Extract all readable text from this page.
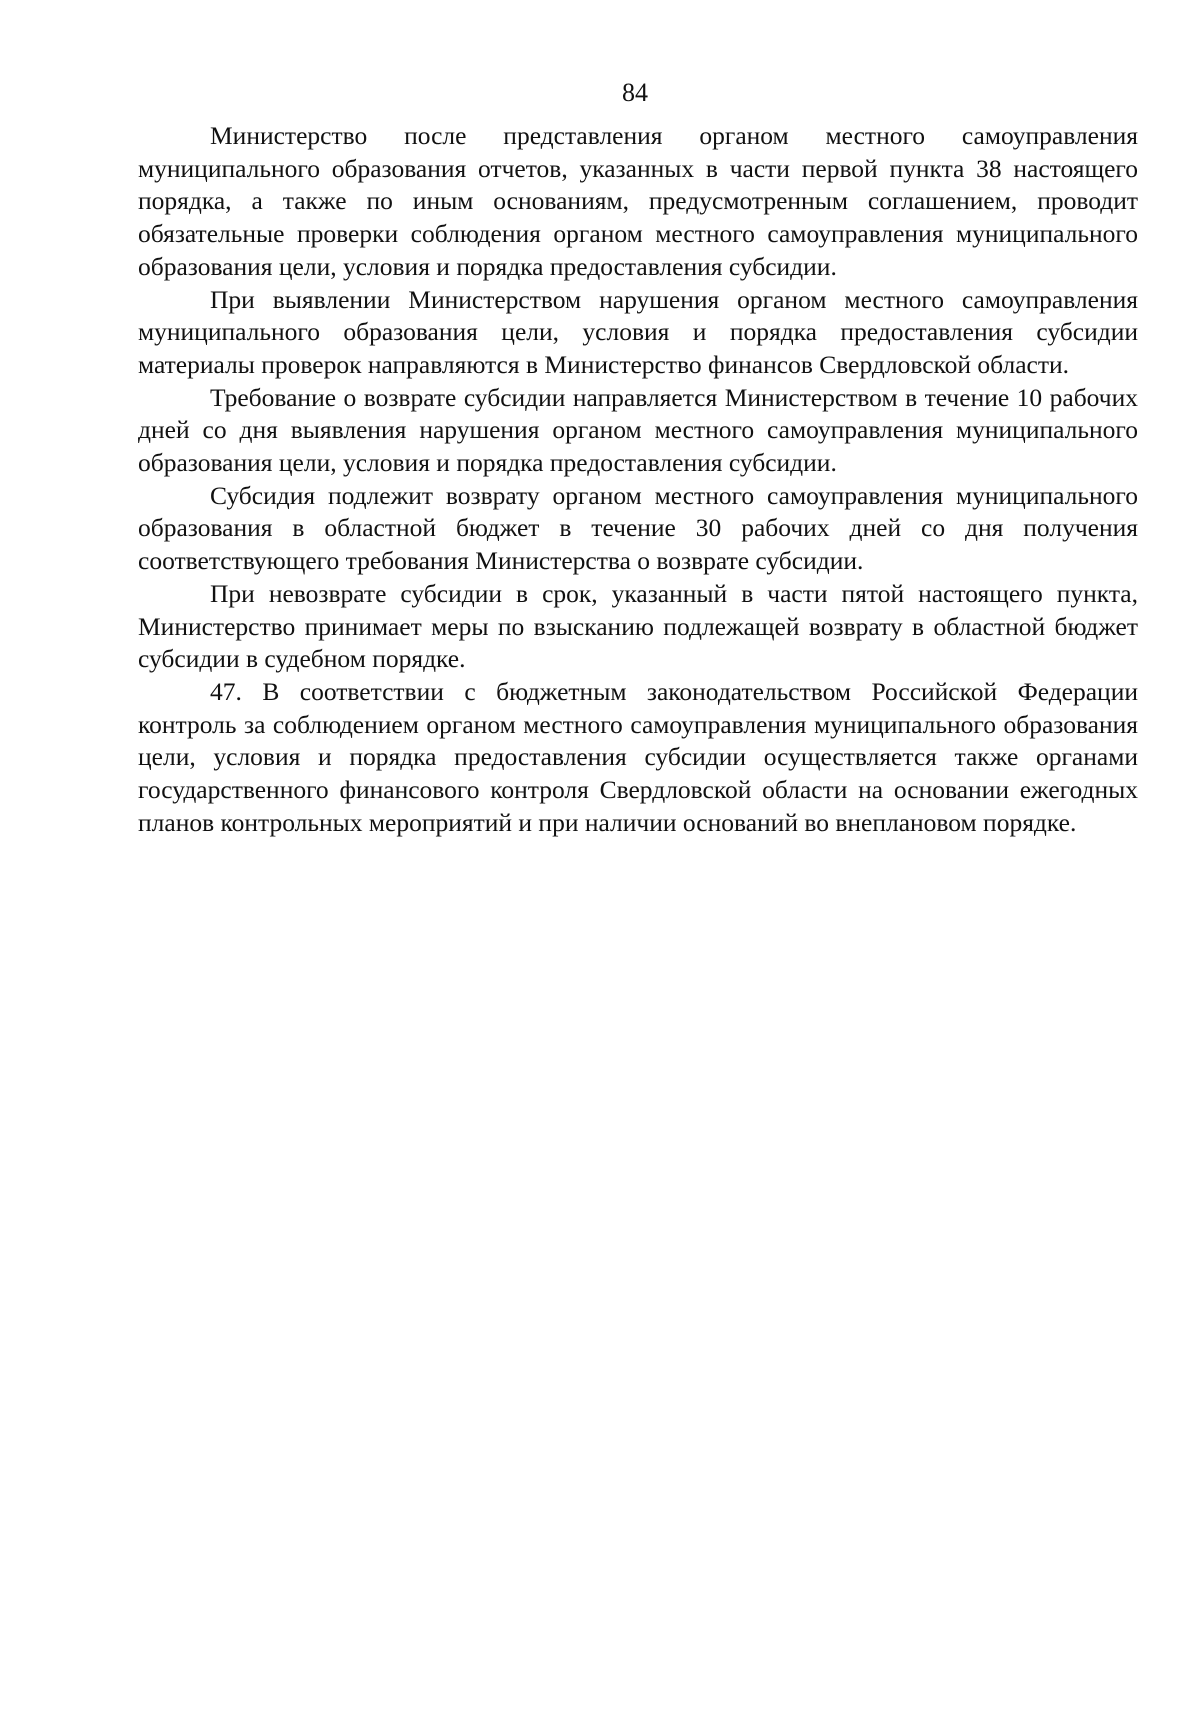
84

Министерство после представления органом местного самоуправления муниципального образования отчетов, указанных в части первой пункта 38 настоящего порядка, а также по иным основаниям, предусмотренным соглашением, проводит обязательные проверки соблюдения органом местного самоуправления муниципального образования цели, условия и порядка предоставления субсидии.

При выявлении Министерством нарушения органом местного самоуправления муниципального образования цели, условия и порядка предоставления субсидии материалы проверок направляются в Министерство финансов Свердловской области.

Требование о возврате субсидии направляется Министерством в течение 10 рабочих дней со дня выявления нарушения органом местного самоуправления муниципального образования цели, условия и порядка предоставления субсидии.

Субсидия подлежит возврату органом местного самоуправления муниципального образования в областной бюджет в течение 30 рабочих дней со дня получения соответствующего требования Министерства о возврате субсидии.

При невозврате субсидии в срок, указанный в части пятой настоящего пункта, Министерство принимает меры по взысканию подлежащей возврату в областной бюджет субсидии в судебном порядке.

47. В соответствии с бюджетным законодательством Российской Федерации контроль за соблюдением органом местного самоуправления муниципального образования цели, условия и порядка предоставления субсидии осуществляется также органами государственного финансового контроля Свердловской области на основании ежегодных планов контрольных мероприятий и при наличии оснований во внеплановом порядке.
